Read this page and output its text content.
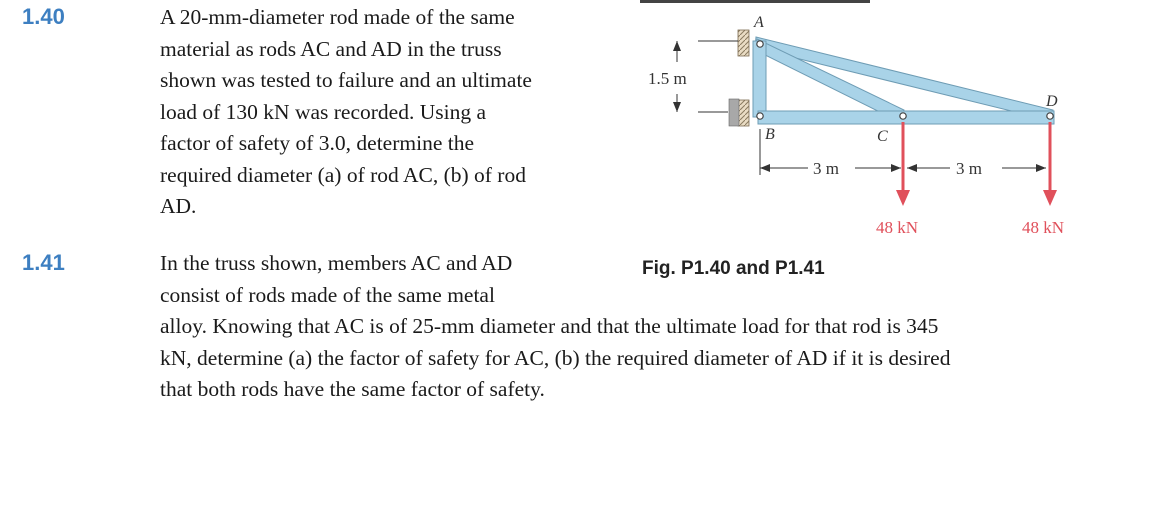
1.40	A 20-mm-diameter rod made of the same
material as rods AC and AD in the truss
shown was tested to failure and an ultimate
load of 130 kN was recorded. Using a
factor of safety of 3.0, determine the
required diameter (a) of rod AC, (b) of rod
AD.
1.41	In the truss shown, members AC and AD
consist of rods made of the same metal
alloy. Knowing that AC is of 25-mm diameter and that the ultimate load for that rod is 345
kN, determine (a) the factor of safety for AC, (b) the required diameter of AD if it is desired
that both rods have the same factor of safety.
A
B	C
D
1.5 m
3 m	3 m
48 kN	48 kN
Fig. P1.40 and P1.41
